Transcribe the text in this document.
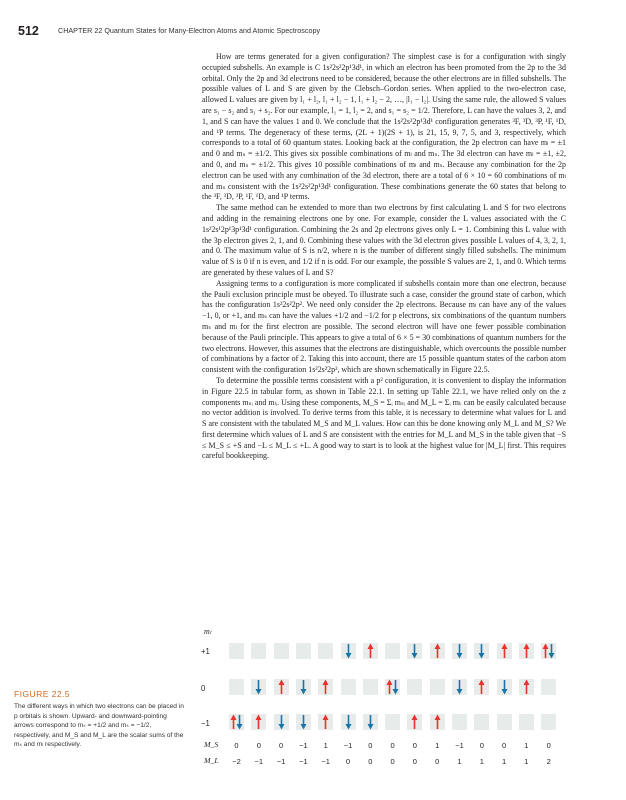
512	CHAPTER 22 Quantum States for Many-Electron Atoms and Atomic Spectroscopy

How are terms generated for a given configuration? The simplest case is for a configuration with singly occupied subshells. An example is C 1s²2s²2p¹3d¹, in which an electron has been promoted from the 2p to the 3d orbital. Only the 2p and 3d electrons need to be considered, because the other electrons are in filled subshells. The possible values of L and S are given by the Clebsch–Gordon series. When applied to the two-electron case, allowed L values are given by l₁ + l₂, l₁ + l₂ − 1, l₁ + l₂ − 2, …, |l₁ − l₂|. Using the same rule, the allowed S values are s₁ − s₂ and s₁ + s₂. For our example, l₁ = 1, l₂ = 2, and s₁ = s₂ = 1/2. Therefore, L can have the values 3, 2, and 1, and S can have the values 1 and 0. We conclude that the 1s²2s²2p¹3d¹ configuration generates ³F, ³D, ³P, ¹F, ¹D, and ¹P terms. The degeneracy of these terms, (2L + 1)(2S + 1), is 21, 15, 9, 7, 5, and 3, respectively, which corresponds to a total of 60 quantum states. Looking back at the configuration, the 2p electron can have mₗ = ±1 and 0 and mₛ = ±1/2. This gives six possible combinations of mₗ and mₛ. The 3d electron can have mₗ = ±1, ±2, and 0, and mₛ = ±1/2. This gives 10 possible combinations of mₗ and mₛ. Because any combination for the 2p electron can be used with any combination of the 3d electron, there are a total of 6 × 10 = 60 combinations of mₗ and mₛ consistent with the 1s²2s²2p¹3d¹ configuration. These combinations generate the 60 states that belong to the ³F, ³D, ³P, ¹F, ¹D, and ¹P terms.

The same method can be extended to more than two electrons by first calculating L and S for two electrons and adding in the remaining electrons one by one. For example, consider the L values associated with the C 1s²2s¹2p¹3p¹3d¹ configuration. Combining the 2s and 2p electrons gives only L = 1. Combining this L value with the 3p electron gives 2, 1, and 0. Combining these values with the 3d electron gives possible L values of 4, 3, 2, 1, and 0. The maximum value of S is n/2, where n is the number of different singly filled subshells. The minimum value of S is 0 if n is even, and 1/2 if n is odd. For our example, the possible S values are 2, 1, and 0. Which terms are generated by these values of L and S?

Assigning terms to a configuration is more complicated if subshells contain more than one electron, because the Pauli exclusion principle must be obeyed. To illustrate such a case, consider the ground state of carbon, which has the configuration 1s²2s²2p². We need only consider the 2p electrons. Because mₗ can have any of the values −1, 0, or +1, and mₛ can have the values +1/2 and −1/2 for p electrons, six combinations of the quantum numbers mₛ and mₗ for the first electron are possible. The second electron will have one fewer possible combination because of the Pauli principle. This appears to give a total of 6 × 5 = 30 combinations of quantum numbers for the two electrons. However, this assumes that the electrons are distinguishable, which overcounts the possible number of combinations by a factor of 2. Taking this into account, there are 15 possible quantum states of the carbon atom consistent with the configuration 1s²2s²2p², which are shown schematically in Figure 22.5.

To determine the possible terms consistent with a p² configuration, it is convenient to display the information in Figure 22.5 in tabular form, as shown in Table 22.1. In setting up Table 22.1, we have relied only on the z components mₛᵢ and mₗᵢ. Using these components, M_S = Σᵢ mₛᵢ and M_L = Σᵢ mₗᵢ can be easily calculated because no vector addition is involved. To derive terms from this table, it is necessary to determine what values for L and S are consistent with the tabulated M_S and M_L values. How can this be done knowing only M_L and M_S? We first determine which values of L and S are consistent with the entries for M_L and M_S in the table given that −S ≤ M_S ≤ +S and −L ≤ M_L ≤ +L. A good way to start is to look at the highest value for |M_L| first. This requires careful bookkeeping.

mₗ
FIGURE 22.5
The different ways in which two electrons can be placed in p orbitals is shown. Upward- and downward-pointing arrows correspond to mₛ = +1/2 and mₛ = −1/2, respectively, and M_S and M_L are the scalar sums of the mₛ and mₗ respectively.
+1
0
−1
M_S
M_L
0	0	0	−1	1	−1	0	0	0	1	−1	0	0	1	0
−2	−1	−1	−1	−1	0	0	0	0	0	1	1	1	1	2
